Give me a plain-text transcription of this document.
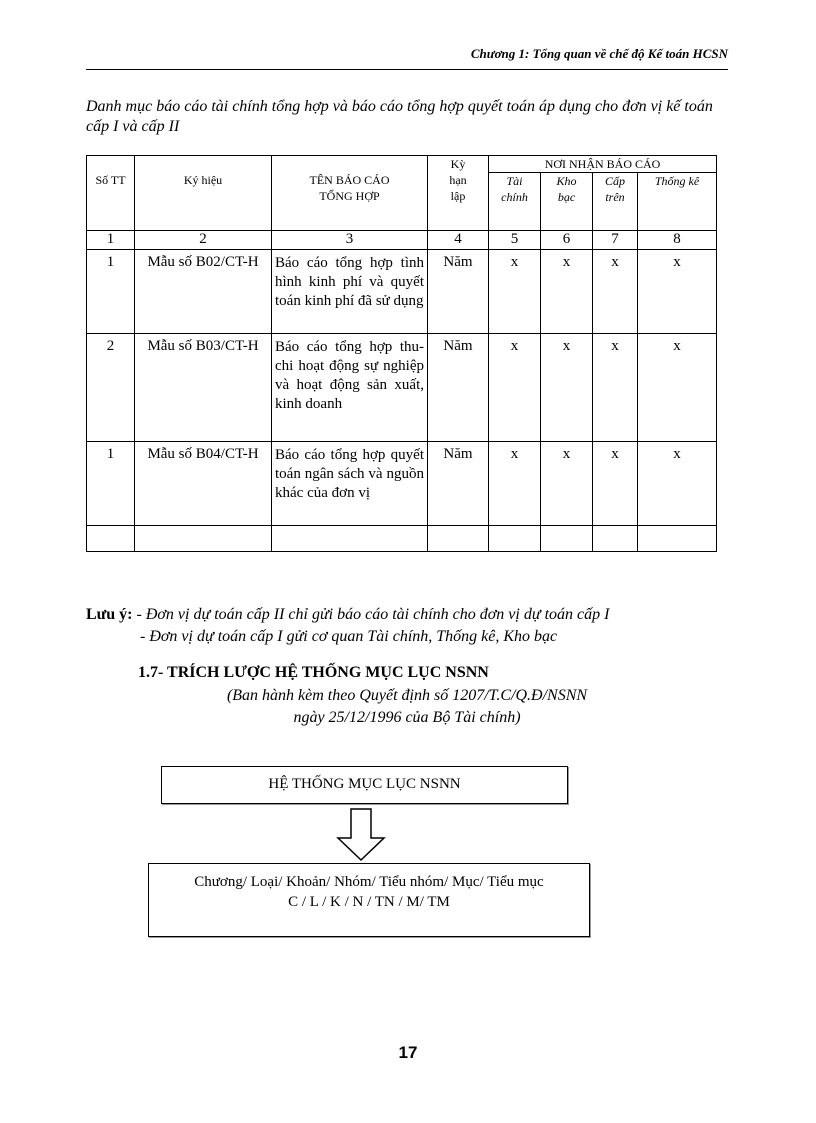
Chương 1: Tổng quan về chế độ Kế toán HCSN
Danh mục báo cáo tài chính tổng hợp và báo cáo tổng hợp quyết toán áp dụng cho đơn vị kế toán cấp I và cấp II
Số TT	Ký hiệu	TÊN BÁO CÁO TỔNG HỢP	Kỳ hạn lập	NƠI NHẬN BÁO CÁO			
				Tài chính	Kho bạc	Cấp trên	Thống kê
1	2	3	4	5	6	7	8
1	Mẫu số B02/CT-H	Báo cáo tổng hợp tình hình kinh phí và quyết toán kinh phí đã sử dụng	Năm	x	x	x	x
2	Mẫu số B03/CT-H	Báo cáo tổng hợp thu- chi hoạt động sự nghiệp và hoạt động sản xuất, kinh doanh	Năm	x	x	x	x
1	Mẫu số B04/CT-H	Báo cáo tổng hợp quyết toán ngân sách và nguồn khác của đơn vị	Năm	x	x	x	x

Lưu ý: - Đơn vị dự toán cấp II chỉ gửi báo cáo tài chính cho đơn vị dự toán cấp I
- Đơn vị dự toán cấp I gửi cơ quan Tài chính, Thống kê, Kho bạc
1.7- TRÍCH LƯỢC HỆ THỐNG MỤC LỤC NSNN
(Ban hành kèm theo Quyết định số 1207/T.C/Q.Đ/NSNN
ngày 25/12/1996 của Bộ Tài chính)
HỆ THỐNG MỤC LỤC NSNN
Chương/ Loại/ Khoản/ Nhóm/ Tiểu nhóm/ Mục/ Tiểu mục
C / L / K / N / TN / M/ TM
17
